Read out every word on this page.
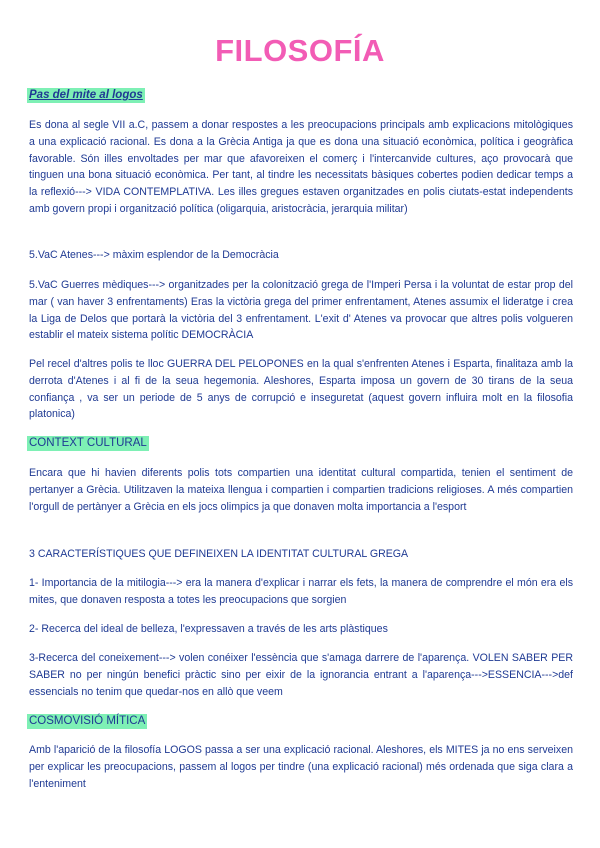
FILOSOFÍA
Pas del mite al logos
Es dona al segle VII a.C, passem a donar respostes a les preocupacions principals amb explicacions mitològiques a una explicació racional. Es dona a la Grècia Antiga ja que es dona una situació econòmica, política i geogràfica favorable. Són illes envoltades per mar que afavoreixen el comerç i l'intercanvide cultures, aço provocarà que tinguen una bona situació econòmica. Per tant, al tindre les necessitats bàsiques cobertes podien dedicar temps a la reflexió---> VIDA CONTEMPLATIVA. Les illes gregues estaven organitzades en polis ciutats-estat independents amb govern propi i organització política (oligarquia, aristocràcia, jerarquia militar)
5.VaC Atenes---> màxim esplendor de la Democràcia
5.VaC Guerres mèdiques---> organitzades per la colonització grega de l'Imperi Persa i la voluntat de estar prop del mar ( van haver 3 enfrentaments) Eras la victòria grega del primer enfrentament, Atenes assumix el lideratge i crea la Liga de Delos que portarà la victòria del 3 enfrentament. L'exit d' Atenes va provocar que altres polis volgueren establir el mateix sistema polític DEMOCRÀCIA
Pel recel d'altres polis te lloc GUERRA DEL PELOPONES en la qual s'enfrenten Atenes i Esparta, finalitaza amb la derrota d'Atenes i al fi de la seua hegemonia. Aleshores, Esparta imposa un govern de 30 tirans de la seua confiança , va ser un periode de 5 anys de corrupció e inseguretat (aquest govern influira molt en la filosofia platonica)
CONTEXT CULTURAL
Encara que hi havien diferents polis tots compartien una identitat cultural compartida, tenien el sentiment de pertanyer a Grècia. Utilitzaven la mateixa llengua i compartien i compartien tradicions religioses. A més compartien l'orgull de pertànyer a Grècia en els jocs olimpics ja que donaven molta importancia a l'esport
3 CARACTERÍSTIQUES QUE DEFINEIXEN LA IDENTITAT CULTURAL GREGA
1- Importancia de la mitilogia---> era la manera d'explicar i narrar els fets, la manera de comprendre el món era els mites, que donaven resposta a totes les preocupacions que sorgien
2- Recerca del ideal de belleza, l'expressaven a través de les arts plàstiques
3-Recerca del coneixement---> volen conéixer l'essència que s'amaga darrere de l'aparença. VOLEN SABER PER SABER no per ningún benefici pràctic sino per eixir de la ignorancia entrant a l'aparença--->ESSENCIA--->def essencials no tenim que quedar-nos en allò que veem
COSMOVISIÓ MÍTICA
Amb l'aparició de la filosofía LOGOS passa a ser una explicació racional. Aleshores, els MITES ja no ens serveixen per explicar les preocupacions, passem al logos per tindre (una explicació racional) més ordenada que siga clara a l'enteniment
